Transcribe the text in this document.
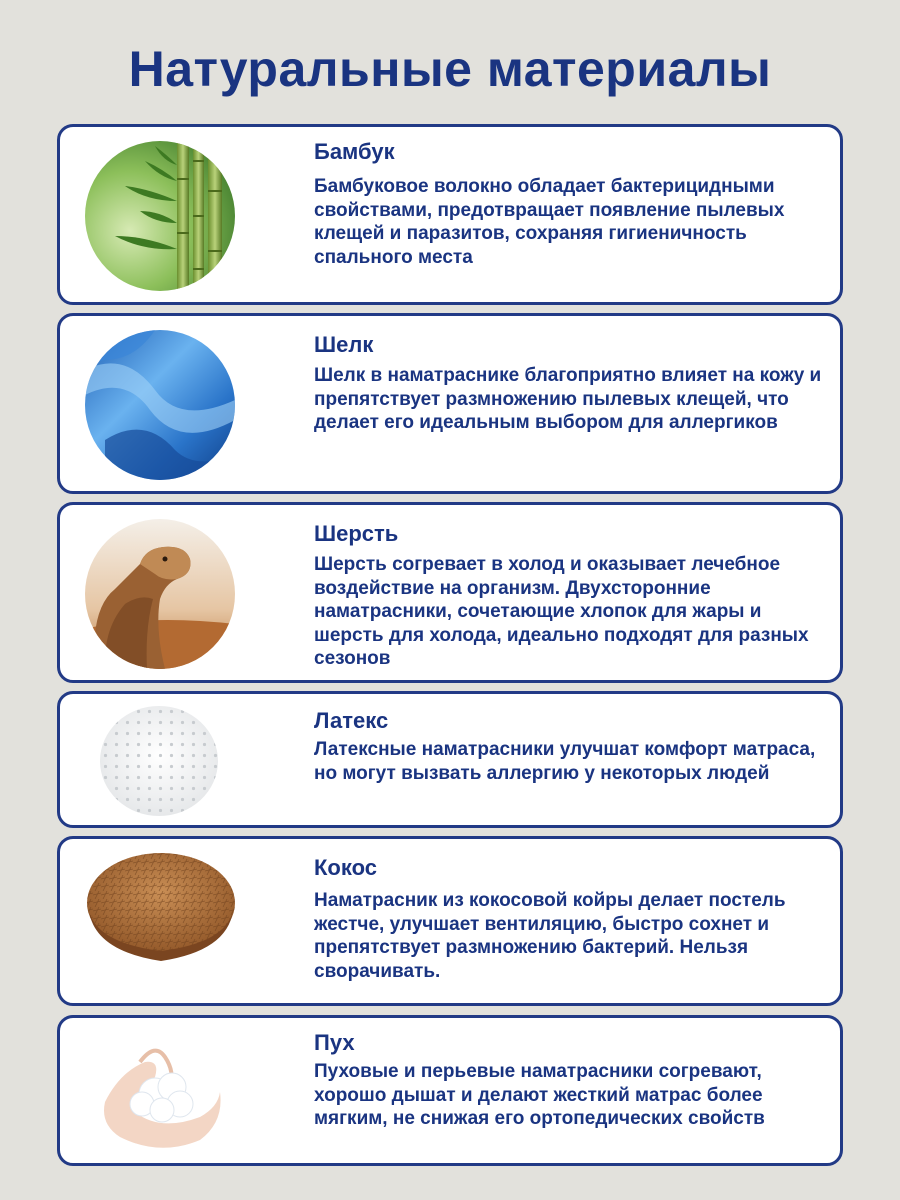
Натуральные материалы
Бамбук
Бамбуковое волокно обладает бактерицидными свойствами, предотвращает появление пылевых клещей и паразитов, сохраняя гигиеничность спального места
Шелк
Шелк в наматраснике благоприятно влияет на кожу и препятствует размножению пылевых клещей, что делает его идеальным выбором для аллергиков
Шерсть
Шерсть согревает в холод и оказывает лечебное воздействие на организм. Двухсторонние наматрасники, сочетающие хлопок для жары и шерсть для холода, идеально подходят для разных сезонов
Латекс
Латексные наматрасники улучшат комфорт матраса, но могут вызвать аллергию у некоторых людей
Кокос
Наматрасник из кокосовой койры делает постель жестче, улучшает вентиляцию, быстро сохнет и препятствует размножению бактерий. Нельзя сворачивать.
Пух
Пуховые и перьевые наматрасники согревают, хорошо дышат и делают жесткий матрас более мягким, не снижая его ортопедических свойств
